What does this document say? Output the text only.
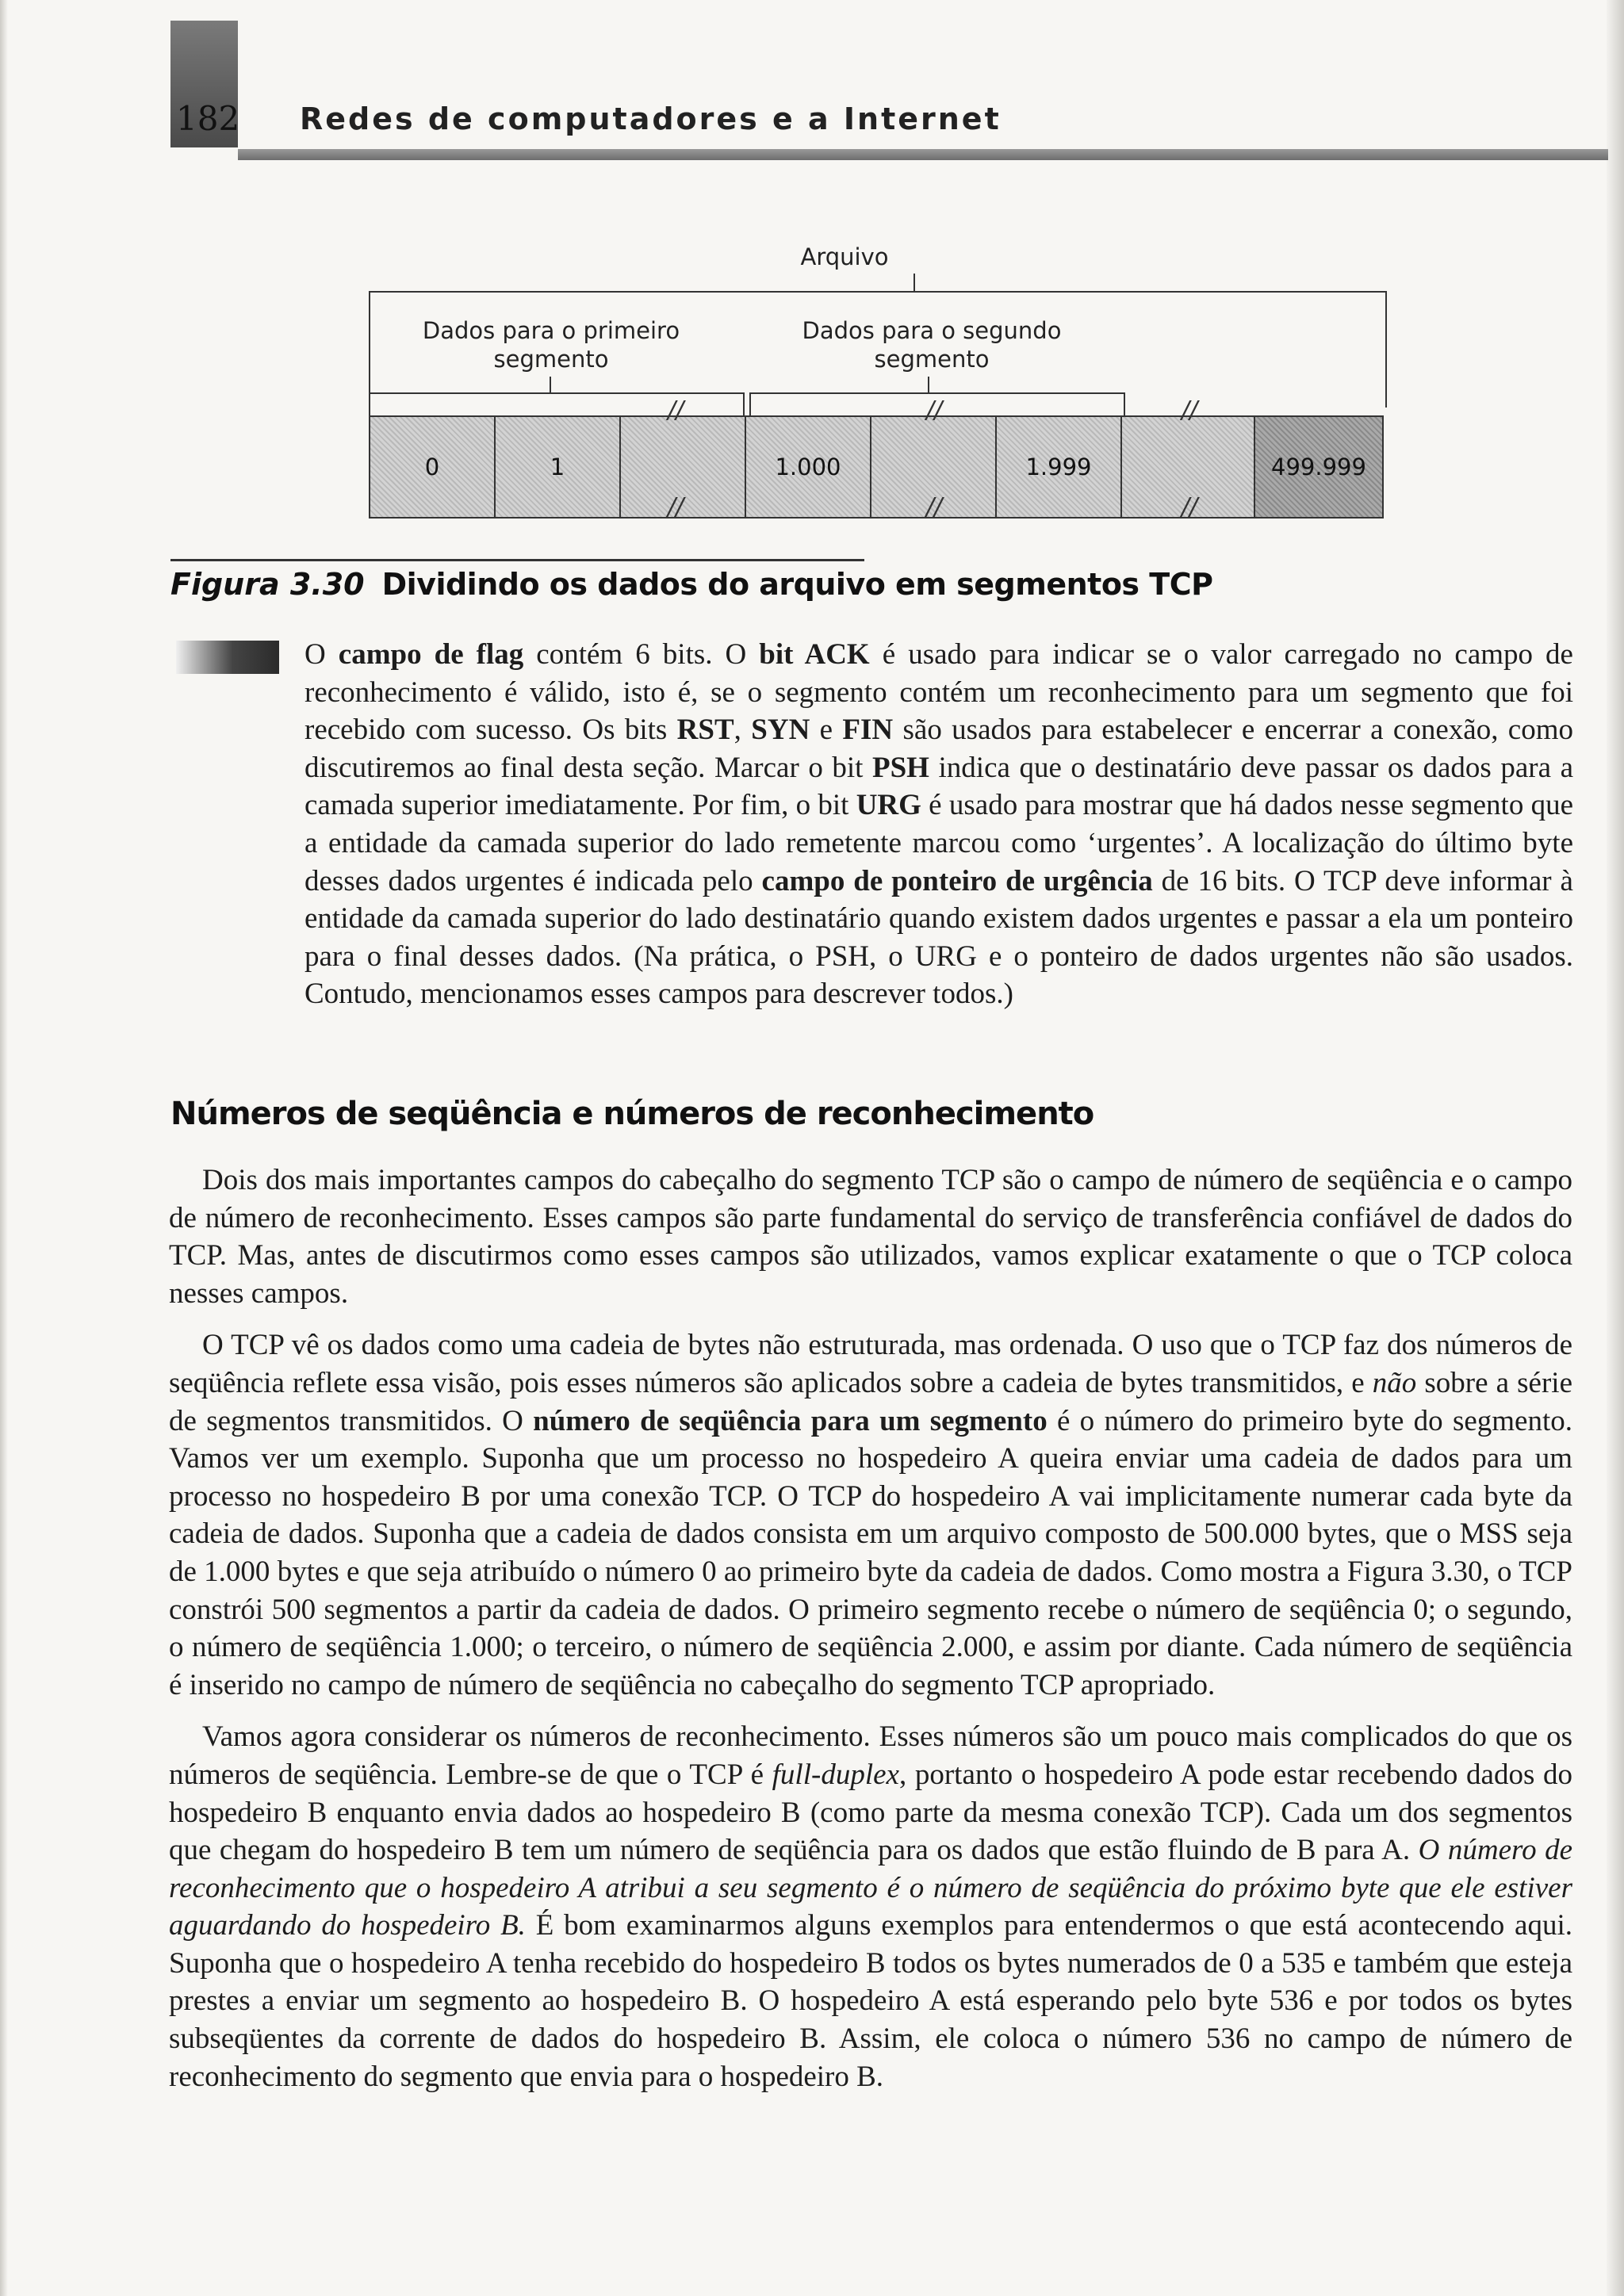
182 Redes de computadores e a Internet
Arquivo
Dados para o primeiro
segmento
Dados para o segundo
segmento
0	1	1.000	1.999	499.999
//
//
//
//
//
//
Figura 3.30 Dividindo os dados do arquivo em segmentos TCP

O campo de flag contém 6 bits. O bit ACK é usado para indicar se o valor carregado no campo de reconhecimento é válido, isto é, se o segmento contém um reconhecimento para um segmento que foi recebido com sucesso. Os bits RST, SYN e FIN são usados para estabelecer e encerrar a conexão, como discutiremos ao final desta seção. Marcar o bit PSH indica que o destinatário deve passar os dados para a camada superior imediatamente. Por fim, o bit URG é usado para mostrar que há dados nesse segmento que a entidade da camada superior do lado remetente marcou como ‘urgentes’. A localização do último byte desses dados urgentes é indicada pelo campo de ponteiro de urgência de 16 bits. O TCP deve informar à entidade da camada superior do lado destinatário quando existem dados urgentes e passar a ela um ponteiro para o final desses dados. (Na prática, o PSH, o URG e o ponteiro de dados urgentes não são usados. Contudo, mencionamos esses campos para descrever todos.)

Números de seqüência e números de reconhecimento

Dois dos mais importantes campos do cabeçalho do segmento TCP são o campo de número de seqüência e o campo de número de reconhecimento. Esses campos são parte fundamental do serviço de transferência confiável de dados do TCP. Mas, antes de discutirmos como esses campos são utilizados, vamos explicar exatamente o que o TCP coloca nesses campos.

O TCP vê os dados como uma cadeia de bytes não estruturada, mas ordenada. O uso que o TCP faz dos números de seqüência reflete essa visão, pois esses números são aplicados sobre a cadeia de bytes transmitidos, e não sobre a série de segmentos transmitidos. O número de seqüência para um segmento é o número do primeiro byte do segmento. Vamos ver um exemplo. Suponha que um processo no hospedeiro A queira enviar uma cadeia de dados para um processo no hospedeiro B por uma conexão TCP. O TCP do hospedeiro A vai implicitamente numerar cada byte da cadeia de dados. Suponha que a cadeia de dados consista em um arquivo composto de 500.000 bytes, que o MSS seja de 1.000 bytes e que seja atribuído o número 0 ao primeiro byte da cadeia de dados. Como mostra a Figura 3.30, o TCP constrói 500 segmentos a partir da cadeia de dados. O primeiro segmento recebe o número de seqüência 0; o segundo, o número de seqüência 1.000; o terceiro, o número de seqüência 2.000, e assim por diante. Cada número de seqüência é inserido no campo de número de seqüência no cabeçalho do segmento TCP apropriado.

Vamos agora considerar os números de reconhecimento. Esses números são um pouco mais complicados do que os números de seqüência. Lembre-se de que o TCP é full-duplex, portanto o hospedeiro A pode estar recebendo dados do hospedeiro B enquanto envia dados ao hospedeiro B (como parte da mesma conexão TCP). Cada um dos segmentos que chegam do hospedeiro B tem um número de seqüência para os dados que estão fluindo de B para A. O número de reconhecimento que o hospedeiro A atribui a seu segmento é o número de seqüência do próximo byte que ele estiver aguardando do hospedeiro B. É bom examinarmos alguns exemplos para entendermos o que está acontecendo aqui. Suponha que o hospedeiro A tenha recebido do hospedeiro B todos os bytes numerados de 0 a 535 e também que esteja prestes a enviar um segmento ao hospedeiro B. O hospedeiro A está esperando pelo byte 536 e por todos os bytes subseqüentes da corrente de dados do hospedeiro B. Assim, ele coloca o número 536 no campo de número de reconhecimento do segmento que envia para o hospedeiro B.
